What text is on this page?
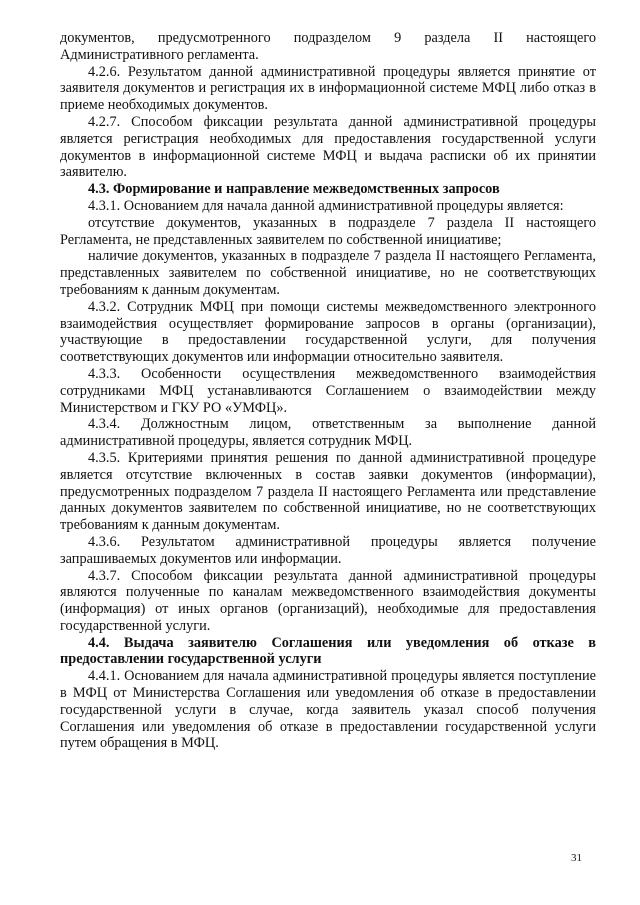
документов, предусмотренного подразделом 9 раздела II настоящего Административного регламента.

4.2.6. Результатом данной административной процедуры является принятие от заявителя документов и регистрация их в информационной системе МФЦ либо отказ в приеме необходимых документов.

4.2.7. Способом фиксации результата данной административной процедуры является регистрация необходимых для предоставления государственной услуги документов в информационной системе МФЦ и выдача расписки об их принятии заявителю.

4.3. Формирование и направление межведомственных запросов

4.3.1. Основанием для начала данной административной процедуры является:

отсутствие документов, указанных в подразделе 7 раздела II настоящего Регламента, не представленных заявителем по собственной инициативе;

наличие документов, указанных в подразделе 7 раздела II настоящего Регламента, представленных заявителем по собственной инициативе, но не соответствующих требованиям к данным документам.

4.3.2. Сотрудник МФЦ при помощи системы межведомственного электронного взаимодействия осуществляет формирование запросов в органы (организации), участвующие в предоставлении государственной услуги, для получения соответствующих документов или информации относительно заявителя.

4.3.3. Особенности осуществления межведомственного взаимодействия сотрудниками МФЦ устанавливаются Соглашением о взаимодействии между Министерством и ГКУ РО «УМФЦ».

4.3.4. Должностным лицом, ответственным за выполнение данной административной процедуры, является сотрудник МФЦ.

4.3.5. Критериями принятия решения по данной административной процедуре является отсутствие включенных в состав заявки документов (информации), предусмотренных подразделом 7 раздела II настоящего Регламента или представление данных документов заявителем по собственной инициативе, но не соответствующих требованиям к данным документам.

4.3.6. Результатом административной процедуры является получение запрашиваемых документов или информации.

4.3.7. Способом фиксации результата данной административной процедуры являются полученные по каналам межведомственного взаимодействия документы (информация) от иных органов (организаций), необходимые для предоставления государственной услуги.

4.4. Выдача заявителю Соглашения или уведомления об отказе в предоставлении государственной услуги

4.4.1. Основанием для начала административной процедуры является поступление в МФЦ от Министерства Соглашения или уведомления об отказе в предоставлении государственной услуги в случае, когда заявитель указал способ получения Соглашения или уведомления об отказе в предоставлении государственной услуги путем обращения в МФЦ.

31
